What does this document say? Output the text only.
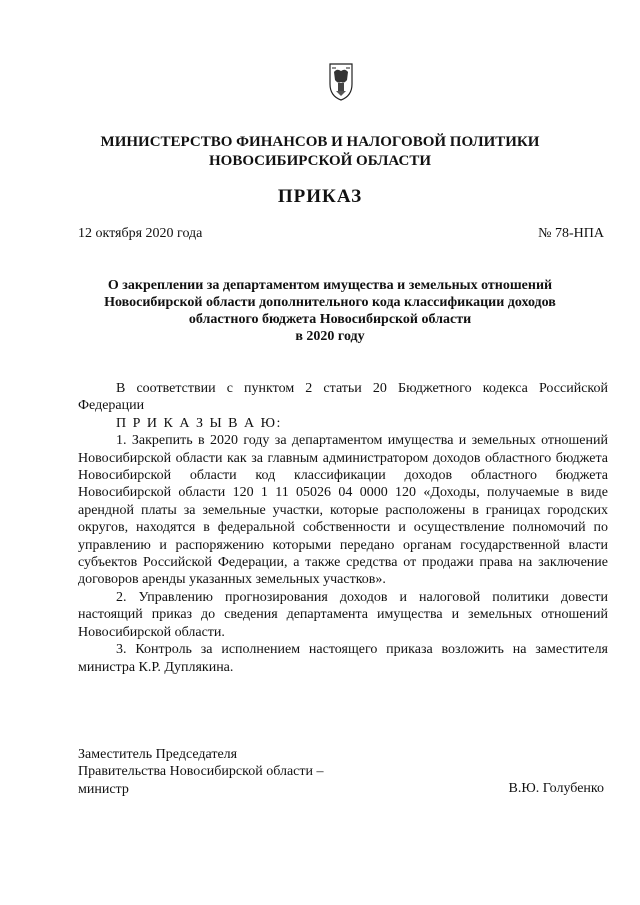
МИНИСТЕРСТВО ФИНАНСОВ И НАЛОГОВОЙ ПОЛИТИКИ
НОВОСИБИРСКОЙ ОБЛАСТИ
ПРИКАЗ
12 октября 2020 года	№ 78-НПА
О закреплении за департаментом имущества и земельных отношений
Новосибирской области дополнительного кода классификации доходов
областного бюджета Новосибирской области
в 2020 году

В соответствии с пунктом 2 статьи 20 Бюджетного кодекса Российской Федерации

П Р И К А З Ы В А Ю:

1. Закрепить в 2020 году за департаментом имущества и земельных отношений Новосибирской области как за главным администратором доходов областного бюджета Новосибирской области код классификации доходов областного бюджета Новосибирской области 120 1 11 05026 04 0000 120 «Доходы, получаемые в виде арендной платы за земельные участки, которые расположены в границах городских округов, находятся в федеральной собственности и осуществление полномочий по управлению и распоряжению которыми передано органам государственной власти субъектов Российской Федерации, а также средства от продажи права на заключение договоров аренды указанных земельных участков».

2. Управлению прогнозирования доходов и налоговой политики довести настоящий приказ до сведения департамента имущества и земельных отношений Новосибирской области.

3. Контроль за исполнением настоящего приказа возложить на заместителя министра К.Р. Дуплякина.

Заместитель Председателя
Правительства Новосибирской области –
министр	В.Ю. Голубенко
